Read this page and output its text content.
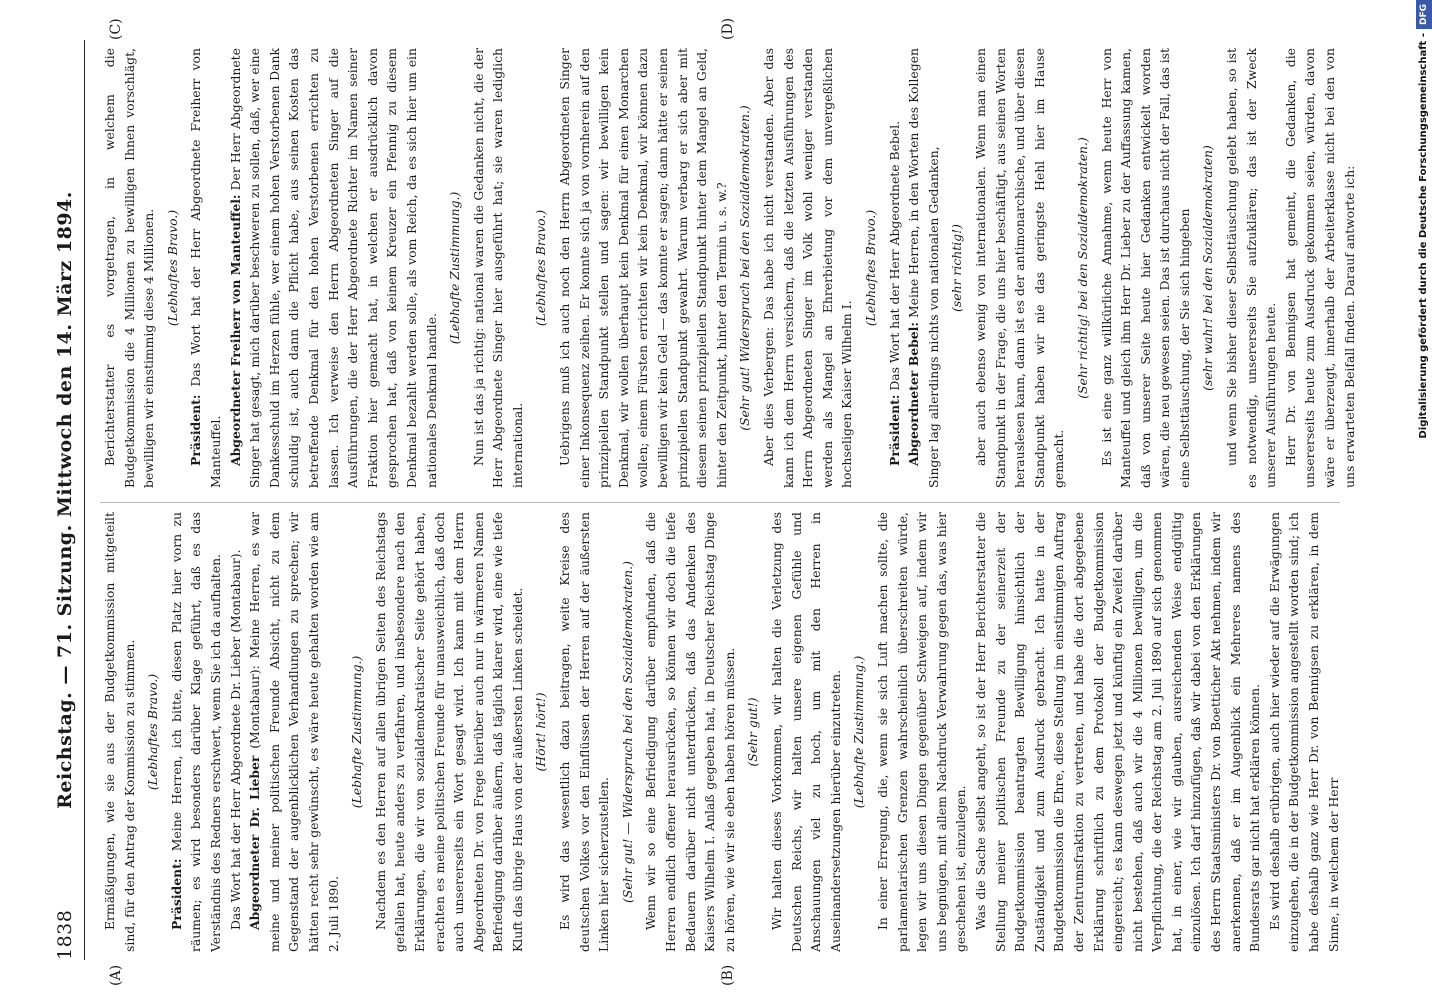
1838
Reichstag. — 71. Sitzung. Mittwoch den 14. März 1894.
(A)	(B)
(C)	(D)

Ermäßigungen, wie sie aus der Budgetkommission mitgeteilt sind, für den Antrag der Kommission zu stimmen. (Lebhaftes Bravo.)

Präsident: Meine Herren, ich bitte, diesen Platz hier vorn zu räumen; es wird besonders darüber Klage geführt, daß es das Verständnis des Redners erschwert, wenn Sie ich da aufhalten. Das Wort hat der Herr Abgeordnete Dr. Lieber (Montabaur). Abgeordneter Dr. Lieber (Montabaur): Meine Herren, es war meine und meiner politischen Freunde Absicht, nicht zu dem Gegenstand der augenblicklichen Verhandlungen zu sprechen; wir hätten recht sehr gewünscht, es wäre heute gehalten worden wie am 2. Juli 1890.

(Lebhafte Zustimmung.) Nachdem es den Herren auf allen übrigen Seiten des Reichstags gefallen hat, heute anders zu verfahren, und insbesondere nach den Erklärungen, die wir von sozialdemokratischer Seite gehört haben, erachten es meine politischen Freunde für unausweichlich, daß doch auch unsererseits ein Wort gesagt wird. Ich kann mit dem Herrn Abgeordneten Dr. von Frege hierüber auch nur in wärmeren Namen Befriedigung darüber äußern, daß täglich klarer wird, eine wie tiefe Kluft das übrige Haus von der äußersten Linken scheidet. (Hört! hört!) Es wird das wesentlich dazu beitragen, weite Kreise des deutschen Volkes vor den Einflüssen der Herren auf der äußersten Linken hier sicherzustellen. (Sehr gut! — Widerspruch bei den Sozialdemokraten.) Wenn wir so eine Befriedigung darüber empfunden, daß die Herren endlich offener herausrücken, so können wir doch die tiefe Bedauern darüber nicht unterdrücken, daß das Andenken des Kaisers Wilhelm I. Anlaß gegeben hat, in Deutscher Reichstag Dinge zu hören, wie wir sie eben haben hören müssen. (Sehr gut!) Wir halten dieses Vorkommen, wir halten die Verletzung des Deutschen Reichs, wir halten unsere eigenen Gefühle und Anschauungen viel zu hoch, um mit den Herren in Auseinandersetzungen hierüber einzutreten. (Lebhafte Zustimmung.) In einer Erregung, die, wenn sie sich Luft machen sollte, die parlamentarischen Grenzen wahrscheinlich überschreiten würde, legen wir uns diesen Dingen gegenüber Schweigen auf, indem wir uns begnügen, mit allem Nachdruck Verwahrung gegen das, was hier geschehen ist, einzulegen. Was die Sache selbst angeht, so ist der Herr Berichterstatter die Stellung meiner politischen Freunde zu der seinerzeit der Budgetkommission beantragten Bewilligung hinsichtlich der Zuständigkeit und zum Ausdruck gebracht. Ich hatte in der Budgetkommission die Ehre, diese Stellung im einstimmigen Auftrag der Zentrumsfraktion zu vertreten, und habe die dort abgegebene Erklärung schriftlich zu dem Protokoll der Budgetkommission eingereicht; es kann deswegen jetzt und künftig ein Zweifel darüber nicht bestehen, daß auch wir die 4 Millionen bewilligen, um die Verpflichtung, die der Reichstag am 2. Juli 1890 auf sich genommen hat, in einer, wie wir glauben, ausreichenden Weise endgültig einzulösen. Ich darf hinzufügen, daß wir dabei von den Erklärungen des Herrn Staatsministers Dr. von Boetticher Akt nehmen, indem wir anerkennen, daß er im Augenblick ein Mehreres namens des Bundesrats gar nicht hat erklären können. Es wird deshalb erübrigen, auch hier wieder auf die Erwägungen einzugehen, die in der Budgetkommission angestellt worden sind; ich habe deshalb ganz wie Herr Dr. von Bennigsen zu erklären, in dem Sinne, in welchem der Herr

Berichterstatter es vorgetragen, in welchem die Budgetkommission die 4 Millionen zu bewilligen Ihnen vorschlägt, bewilligen wir einstimmig diese 4 Millionen. (Lebhaftes Bravo.)

Präsident: Das Wort hat der Herr Abgeordnete Freiherr von Manteuffel. Abgeordneter Freiherr von Manteuffel: Der Herr Abgeordnete Singer hat gesagt, mich darüber beschweren zu sollen, daß, wer eine Dankesschuld im Herzen fühle, wer einem hohen Verstorbenen Dank schuldig ist, auch dann die Pflicht habe, aus seinen Kosten das betreffende Denkmal für den hohen Verstorbenen errichten zu lassen. Ich verweise den Herrn Abgeordneten Singer auf die Ausführungen, die der Herr Abgeordnete Richter im Namen seiner Fraktion hier gemacht hat, in welchen er ausdrücklich davon gesprochen hat, daß von keinem Kreuzer ein Pfennig zu diesem Denkmal bezahlt werden solle, als vom Reich, da es sich hier um ein nationales Denkmal handle.

(Lebhafte Zustimmung.) Nun ist das ja richtig: national waren die Gedanken nicht, die der Herr Abgeordnete Singer hier ausgeführt hat; sie waren lediglich international.

(Lebhaftes Bravo.) Uebrigens muß ich auch noch den Herrn Abgeordneten Singer einer Inkonsequenz zeihen. Er konnte sich ja von vornherein auf den prinzipiellen Standpunkt stellen und sagen: wir bewilligen kein Denkmal, wir wollen überhaupt kein Denkmal für einen Monarchen wollen; einem Fürsten errichten wir kein Denkmal, wir können dazu bewilligen wir kein Geld — das konnte er sagen; dann hätte er seinen prinzipiellen Standpunkt gewahrt. Warum verbarg er sich aber mit diesem seinen prinzipiellen Standpunkt hinter dem Mangel an Geld, hinter den Zeitpunkt, hinter den Termin u. s. w.? (Sehr gut! Widerspruch bei den Sozialdemokraten.) Aber dies Verbergen: Das habe ich nicht verstanden. Aber das kann ich dem Herrn versichern, daß die letzten Ausführungen des Herrn Abgeordneten Singer im Volk wohl weniger verstanden werden als Mangel an Ehrerbietung vor dem unvergeßlichen hochseligen Kaiser Wilhelm I.

(Lebhaftes Bravo.)

Präsident: Das Wort hat der Herr Abgeordnete Bebel. Abgeordneter Bebel: Meine Herren, in den Worten des Kollegen Singer lag allerdings nichts von nationalen Gedanken, (sehr richtig!) aber auch ebenso wenig von internationalen. Wenn man einen Standpunkt in der Frage, die uns hier beschäftigt, aus seinen Worten herauslesen kann, dann ist es der antimonarchische, und über diesen Standpunkt haben wir nie das geringste Hehl hier im Hause gemacht.

(Sehr richtig! bei den Sozialdemokraten.) Es ist eine ganz willkürliche Annahme, wenn heute Herr von Manteuffel und gleich ihm Herr Dr. Lieber zu der Auffassung kamen, daß von unserer Seite heute hier Gedanken entwickelt worden wären, die neu gewesen seien. Das ist durchaus nicht der Fall, das ist eine Selbsttäuschung, der Sie sich hingeben (sehr wahr! bei den Sozialdemokraten) und wenn Sie bisher dieser Selbsttäuschung gelebt haben, so ist es notwendig, unsererseits Sie aufzuklären; das ist der Zweck unserer Ausführungen heute. Herr Dr. von Bennigsen hat gemeint, die Gedanken, die unsererseits heute zum Ausdruck gekommen seien, würden, davon wäre er überzeugt, innerhalb der Arbeiterklasse nicht bei den von uns erwarteten Beifall finden. Darauf antworte ich:	Digitalisierung gefördert durch die Deutsche Forschungsgemeinschaft -DFG
